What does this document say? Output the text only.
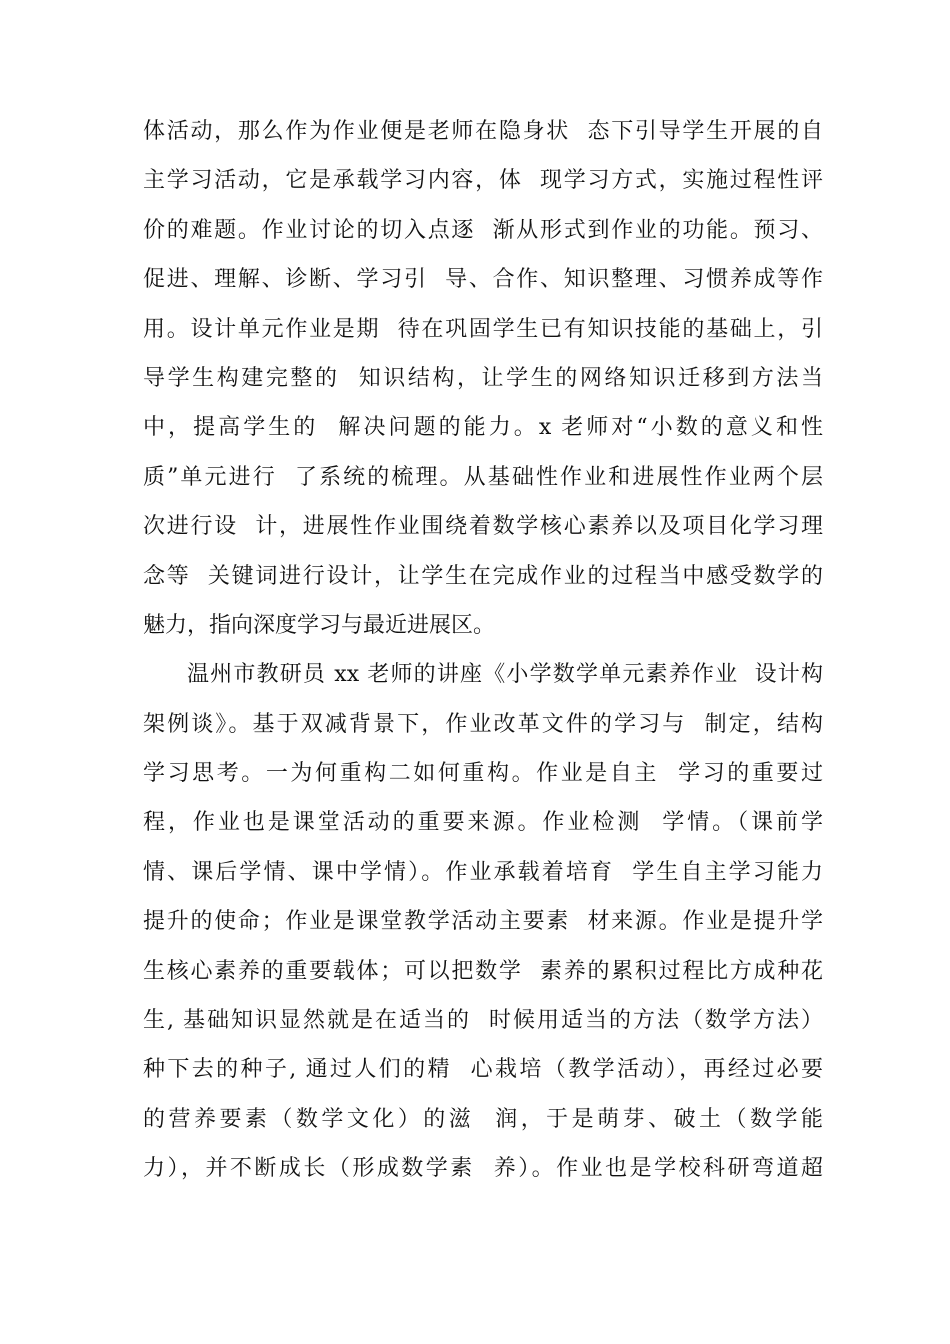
体活动，那么作为作业便是老师在隐身状  态下引导学生开展的自
主学习活动，它是承载学习内容，体  现学习方式，实施过程性评
价的难题。作业讨论的切入点逐  渐从形式到作业的功能。预习、
促进、理解、诊断、学习引  导、合作、知识整理、习惯养成等作
用。设计单元作业是期  待在巩固学生已有知识技能的基础上，引
导学生构建完整的  知识结构，让学生的网络知识迁移到方法当
中，提高学生的  解决问题的能力。x 老师对“小数的意义和性
质”单元进行  了系统的梳理。从基础性作业和进展性作业两个层
次进行设  计，进展性作业围绕着数学核心素养以及项目化学习理
念等  关键词进行设计，让学生在完成作业的过程当中感受数学的
魅力，指向深度学习与最近进展区。
温州市教研员 xx 老师的讲座《小学数学单元素养作业  设计构
架例谈》。基于双减背景下，作业改革文件的学习与  制定，结构
学习思考。一为何重构二如何重构。作业是自主  学习的重要过
程，作业也是课堂活动的重要来源。作业检测  学情。（课前学
情、课后学情、课中学情）。作业承载着培育  学生自主学习能力
提升的使命；作业是课堂教学活动主要素  材来源。作业是提升学
生核心素养的重要载体；可以把数学  素养的累积过程比方成种花
生, 基础知识显然就是在适当的  时候用适当的方法（数学方法）
种下去的种子, 通过人们的精  心栽培（教学活动），再经过必要
的营养要素（数学文化）的滋  润，于是萌芽、破土（数学能
力），并不断成长（形成数学素  养）。作业也是学校科研弯道超
